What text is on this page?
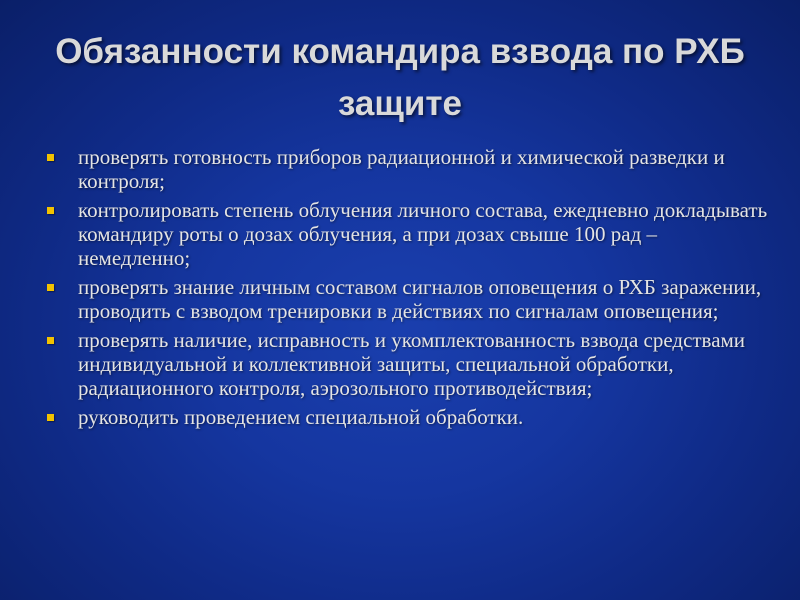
Обязанности командира взвода по РХБ защите
проверять готовность приборов радиационной и химической разведки и контроля;
контролировать степень облучения личного состава, ежедневно докладывать командиру роты о дозах облучения, а при дозах свыше 100 рад – немедленно;
проверять знание личным составом сигналов оповещения о РХБ заражении, проводить с взводом тренировки в действиях по сигналам оповещения;
проверять наличие, исправность и укомплектованность взвода средствами индивидуальной и коллективной защиты, специальной обработки, радиационного контроля, аэрозольного противодействия;
руководить проведением специальной обработки.
